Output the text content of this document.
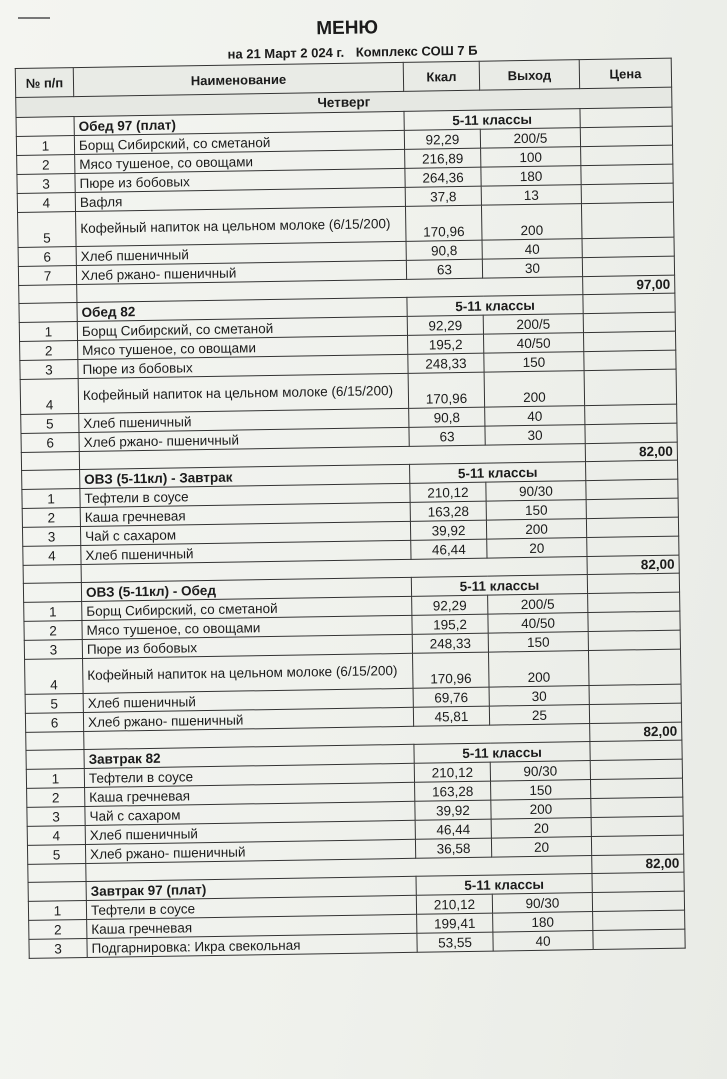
МЕНЮ
на 21 Март 2 024 г. Комплекс СОШ 7 Б
№ п/п	Наименование	Ккал	Выход	Цена
Четверг				
	Обед 97 (плат)	5-11 классы		
1	Борщ Сибирский, со сметаной	92,29	200/5	
2	Мясо тушеное, со овощами	216,89	100	
3	Пюре из бобовых	264,36	180	
4	Вафля	37,8	13	
5	Кофейный напиток на цельном молоке (6/15/200)	170,96	200	
6	Хлеб пшеничный	90,8	40	
7	Хлеб ржано- пшеничный	63	30	
				97,00
	Обед 82	5-11 классы		
1	Борщ Сибирский, со сметаной	92,29	200/5	
2	Мясо тушеное, со овощами	195,2	40/50	
3	Пюре из бобовых	248,33	150	
4	Кофейный напиток на цельном молоке (6/15/200)	170,96	200	
5	Хлеб пшеничный	90,8	40	
6	Хлеб ржано- пшеничный	63	30	
				82,00
	ОВЗ (5-11кл) - Завтрак	5-11 классы		
1	Тефтели в соусе	210,12	90/30	
2	Каша гречневая	163,28	150	
3	Чай с сахаром	39,92	200	
4	Хлеб пшеничный	46,44	20	
				82,00
	ОВЗ (5-11кл) - Обед	5-11 классы		
1	Борщ Сибирский, со сметаной	92,29	200/5	
2	Мясо тушеное, со овощами	195,2	40/50	
3	Пюре из бобовых	248,33	150	
4	Кофейный напиток на цельном молоке (6/15/200)	170,96	200	
5	Хлеб пшеничный	69,76	30	
6	Хлеб ржано- пшеничный	45,81	25	
				82,00
	Завтрак 82	5-11 классы		
1	Тефтели в соусе	210,12	90/30	
2	Каша гречневая	163,28	150	
3	Чай с сахаром	39,92	200	
4	Хлеб пшеничный	46,44	20	
5	Хлеб ржано- пшеничный	36,58	20	
				82,00
	Завтрак 97 (плат)	5-11 классы		
1	Тефтели в соусе	210,12	90/30	
2	Каша гречневая	199,41	180	
3	Подгарнировка: Икра свекольная	53,55	40	
